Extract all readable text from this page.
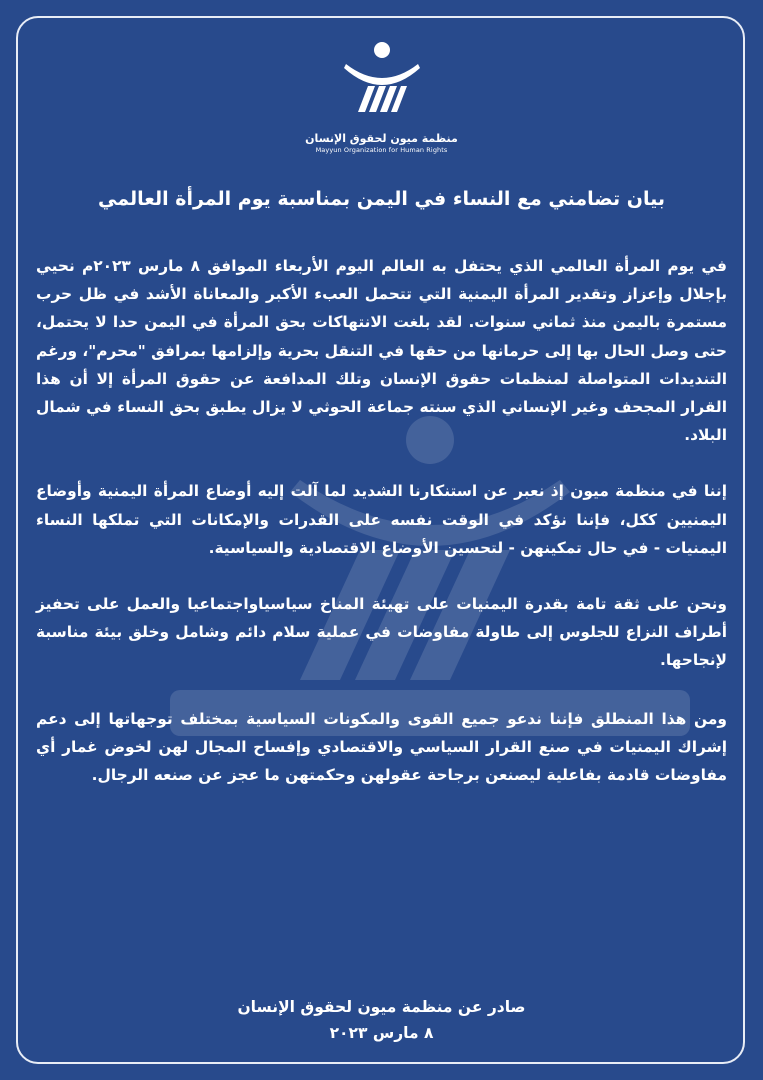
منظمة ميون لحقوق الإنسان
Mayyun Organization for Human Rights
بيان تضامني مع النساء في اليمن بمناسبة يوم المرأة العالمي

في يوم المرأة العالمي الذي يحتفل به العالم اليوم الأربعاء الموافق ٨ مارس ٢٠٢٣م نحيي بإجلال وإعزاز وتقدير المرأة اليمنية التي تتحمل العبء الأكبر والمعاناة الأشد في ظل حرب مستمرة باليمن منذ ثماني سنوات. لقد بلغت الانتهاكات بحق المرأة في اليمن حدا لا يحتمل، حتى وصل الحال بها إلى حرمانها من حقها في التنقل بحرية وإلزامها بمرافق "محرم"، ورغم التنديدات المتواصلة لمنظمات حقوق الإنسان وتلك المدافعة عن حقوق المرأة إلا أن هذا القرار المجحف وغير الإنساني الذي سنته جماعة الحوثي لا يزال يطبق بحق النساء في شمال البلاد.

إننا في منظمة ميون إذ نعبر عن استنكارنا الشديد لما آلت إليه أوضاع المرأة اليمنية وأوضاع اليمنيين ككل، فإننا نؤكد في الوقت نفسه على القدرات والإمكانات التي تملكها النساء اليمنيات - في حال تمكينهن - لتحسين الأوضاع الاقتصادية والسياسية.

ونحن على ثقة تامة بقدرة اليمنيات على تهيئة المناخ سياسياواجتماعيا والعمل على تحفيز أطراف النزاع للجلوس إلى طاولة مفاوضات في عملية سلام دائم وشامل وخلق بيئة مناسبة لإنجاحها.

ومن هذا المنطلق فإننا ندعو جميع القوى والمكونات السياسية بمختلف توجهاتها إلى دعم إشراك اليمنيات في صنع القرار السياسي والاقتصادي وإفساح المجال لهن لخوض غمار أي مفاوضات قادمة بفاعلية ليصنعن برجاحة عقولهن وحكمتهن ما عجز عن صنعه الرجال.

صادر عن منظمة ميون لحقوق الإنسان
٨ مارس ٢٠٢٣
